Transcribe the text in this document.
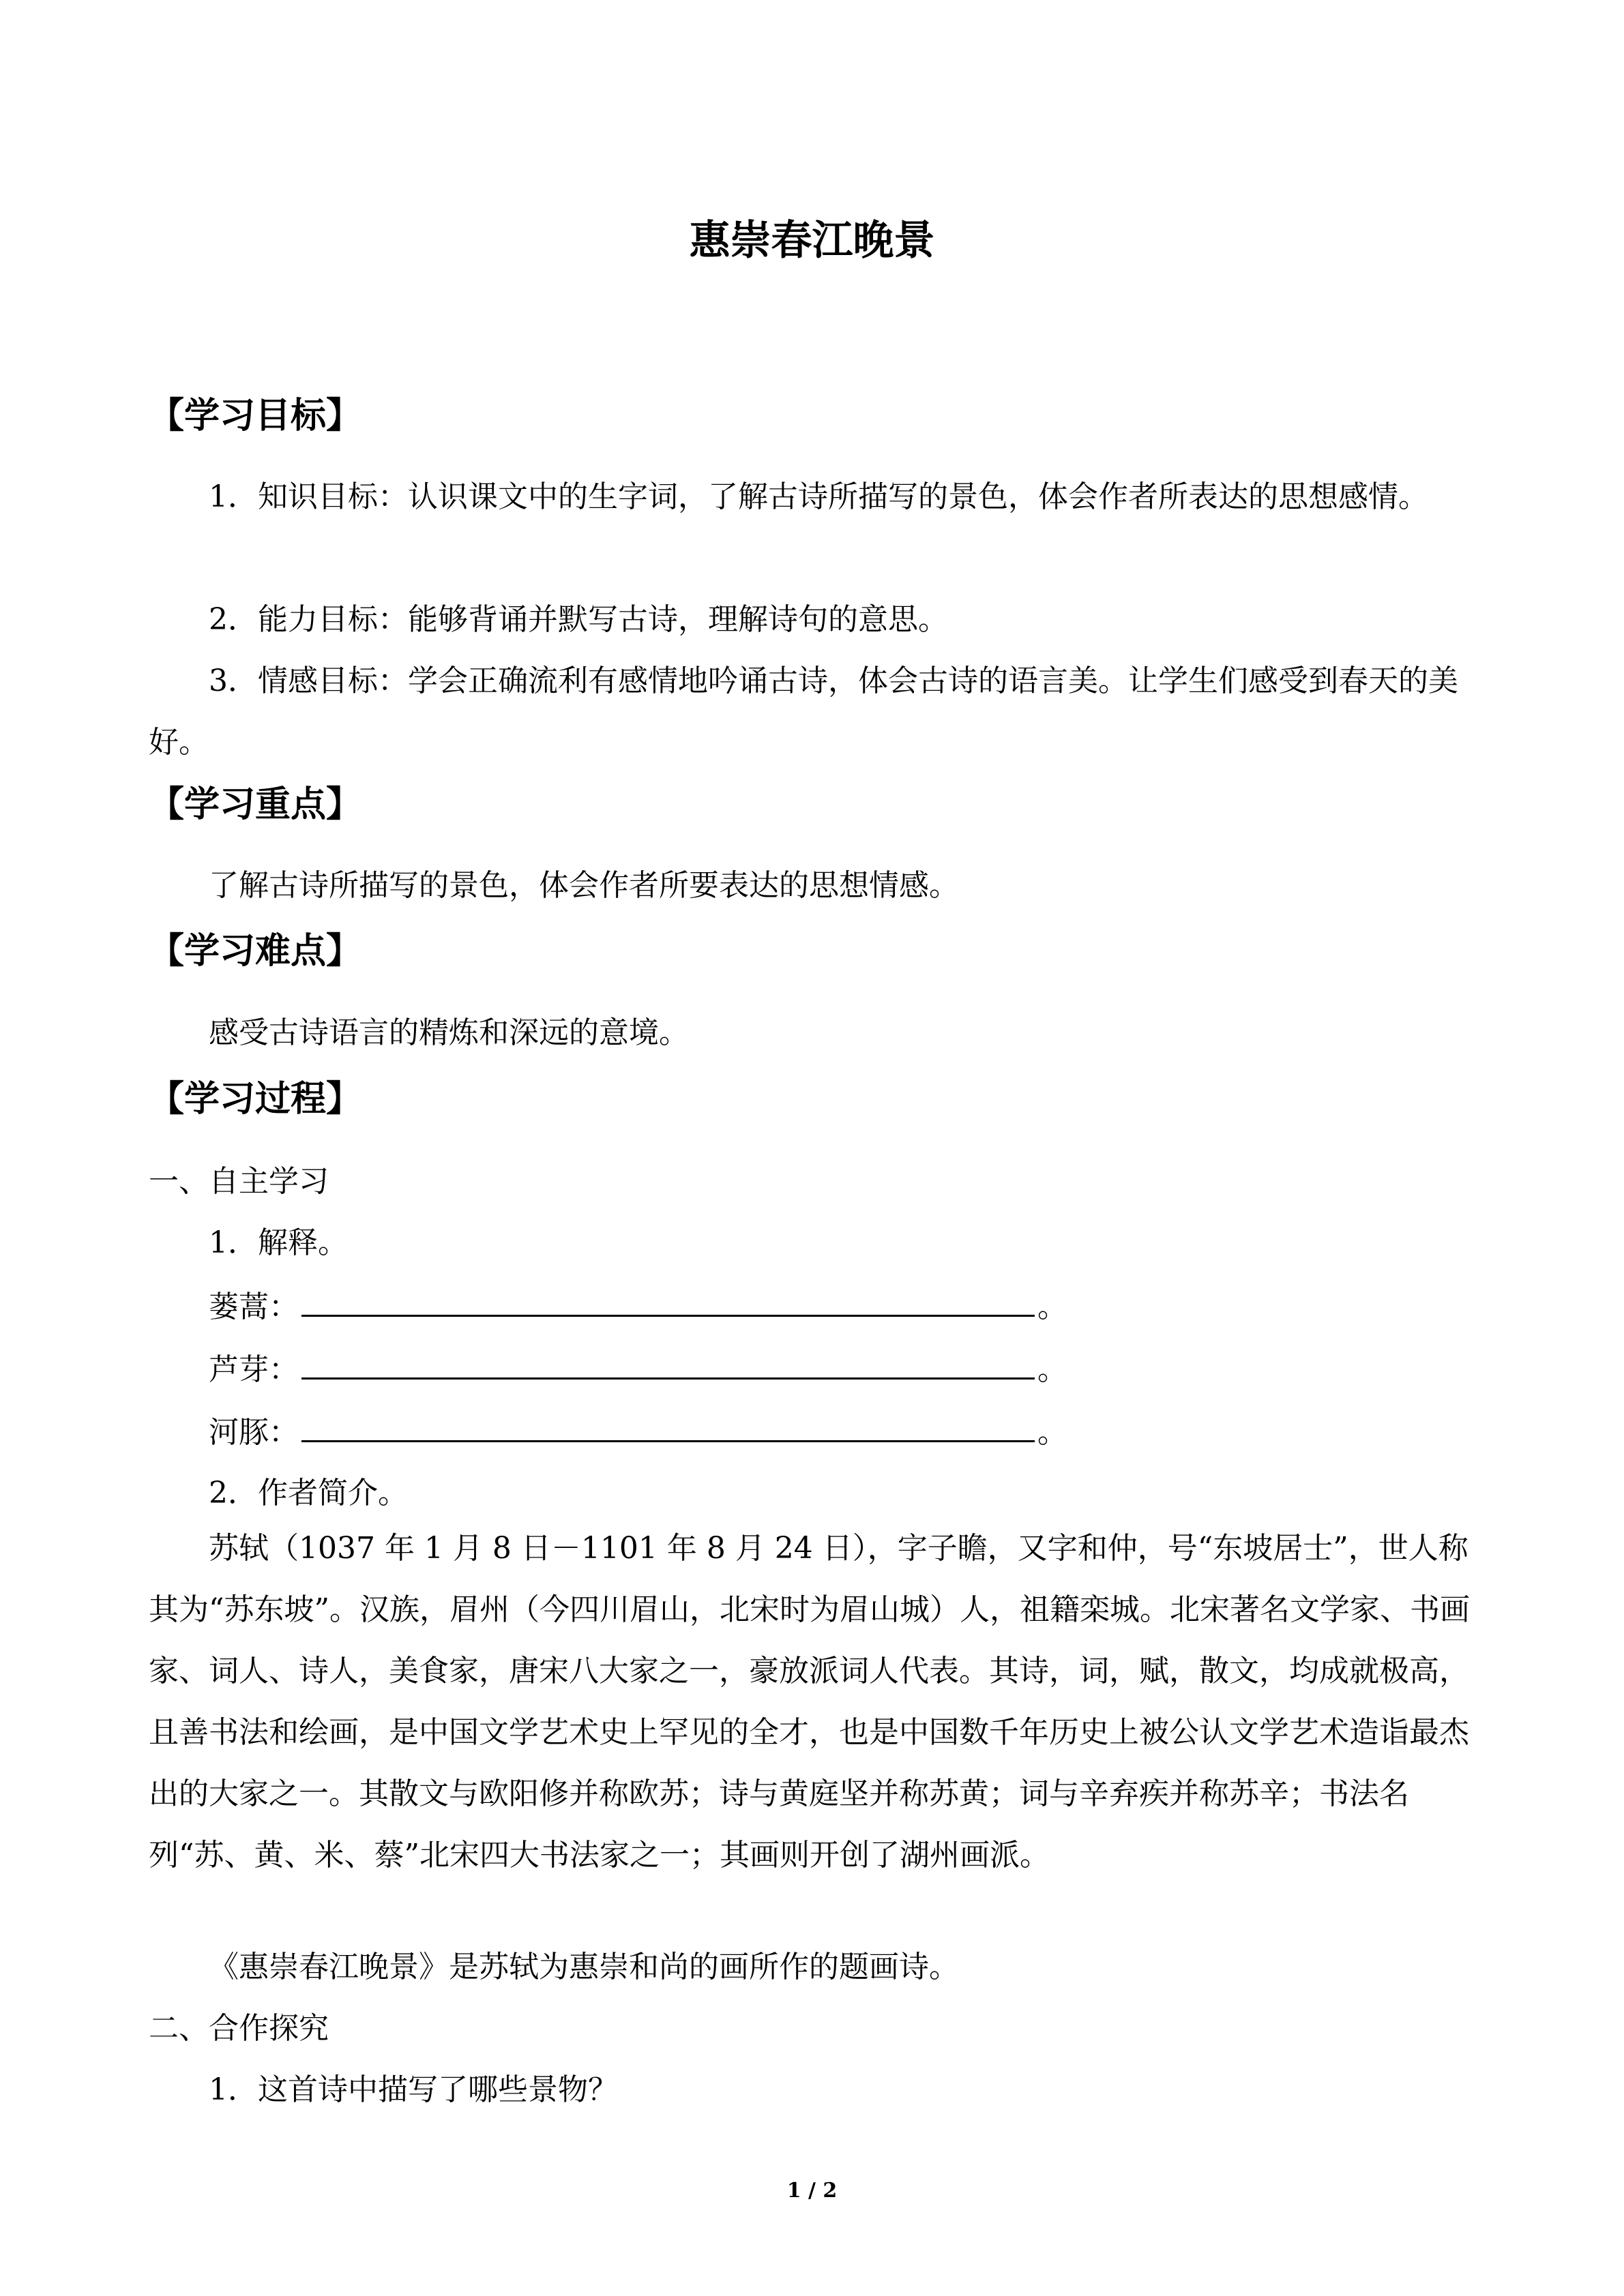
惠崇春江晚景
【学习目标】

1．知识目标：认识课文中的生字词，了解古诗所描写的景色，体会作者所表达的思想感情。

2．能力目标：能够背诵并默写古诗，理解诗句的意思。

3．情感目标：学会正确流利有感情地吟诵古诗，体会古诗的语言美。让学生们感受到春天的美好。

【学习重点】

了解古诗所描写的景色，体会作者所要表达的思想情感。

【学习难点】

感受古诗语言的精炼和深远的意境。

【学习过程】
一、自主学习
1．解释。
蒌蒿：	。
芦芽：	。
河豚：	。
2．作者简介。

苏轼（1037 年 1 月 8 日－1101 年 8 月 24 日），字子瞻，又字和仲，号“东坡居士”，世人称其为“苏东坡”。汉族，眉州（今四川眉山，北宋时为眉山城）人，祖籍栾城。北宋著名文学家、书画家、词人、诗人，美食家，唐宋八大家之一，豪放派词人代表。其诗，词，赋，散文，均成就极高，且善书法和绘画，是中国文学艺术史上罕见的全才，也是中国数千年历史上被公认文学艺术造诣最杰出的大家之一。其散文与欧阳修并称欧苏；诗与黄庭坚并称苏黄；词与辛弃疾并称苏辛；书法名列“苏、黄、米、蔡”北宋四大书法家之一；其画则开创了湖州画派。

《惠崇春江晚景》是苏轼为惠崇和尚的画所作的题画诗。

二、合作探究
1．这首诗中描写了哪些景物？
1 / 2
